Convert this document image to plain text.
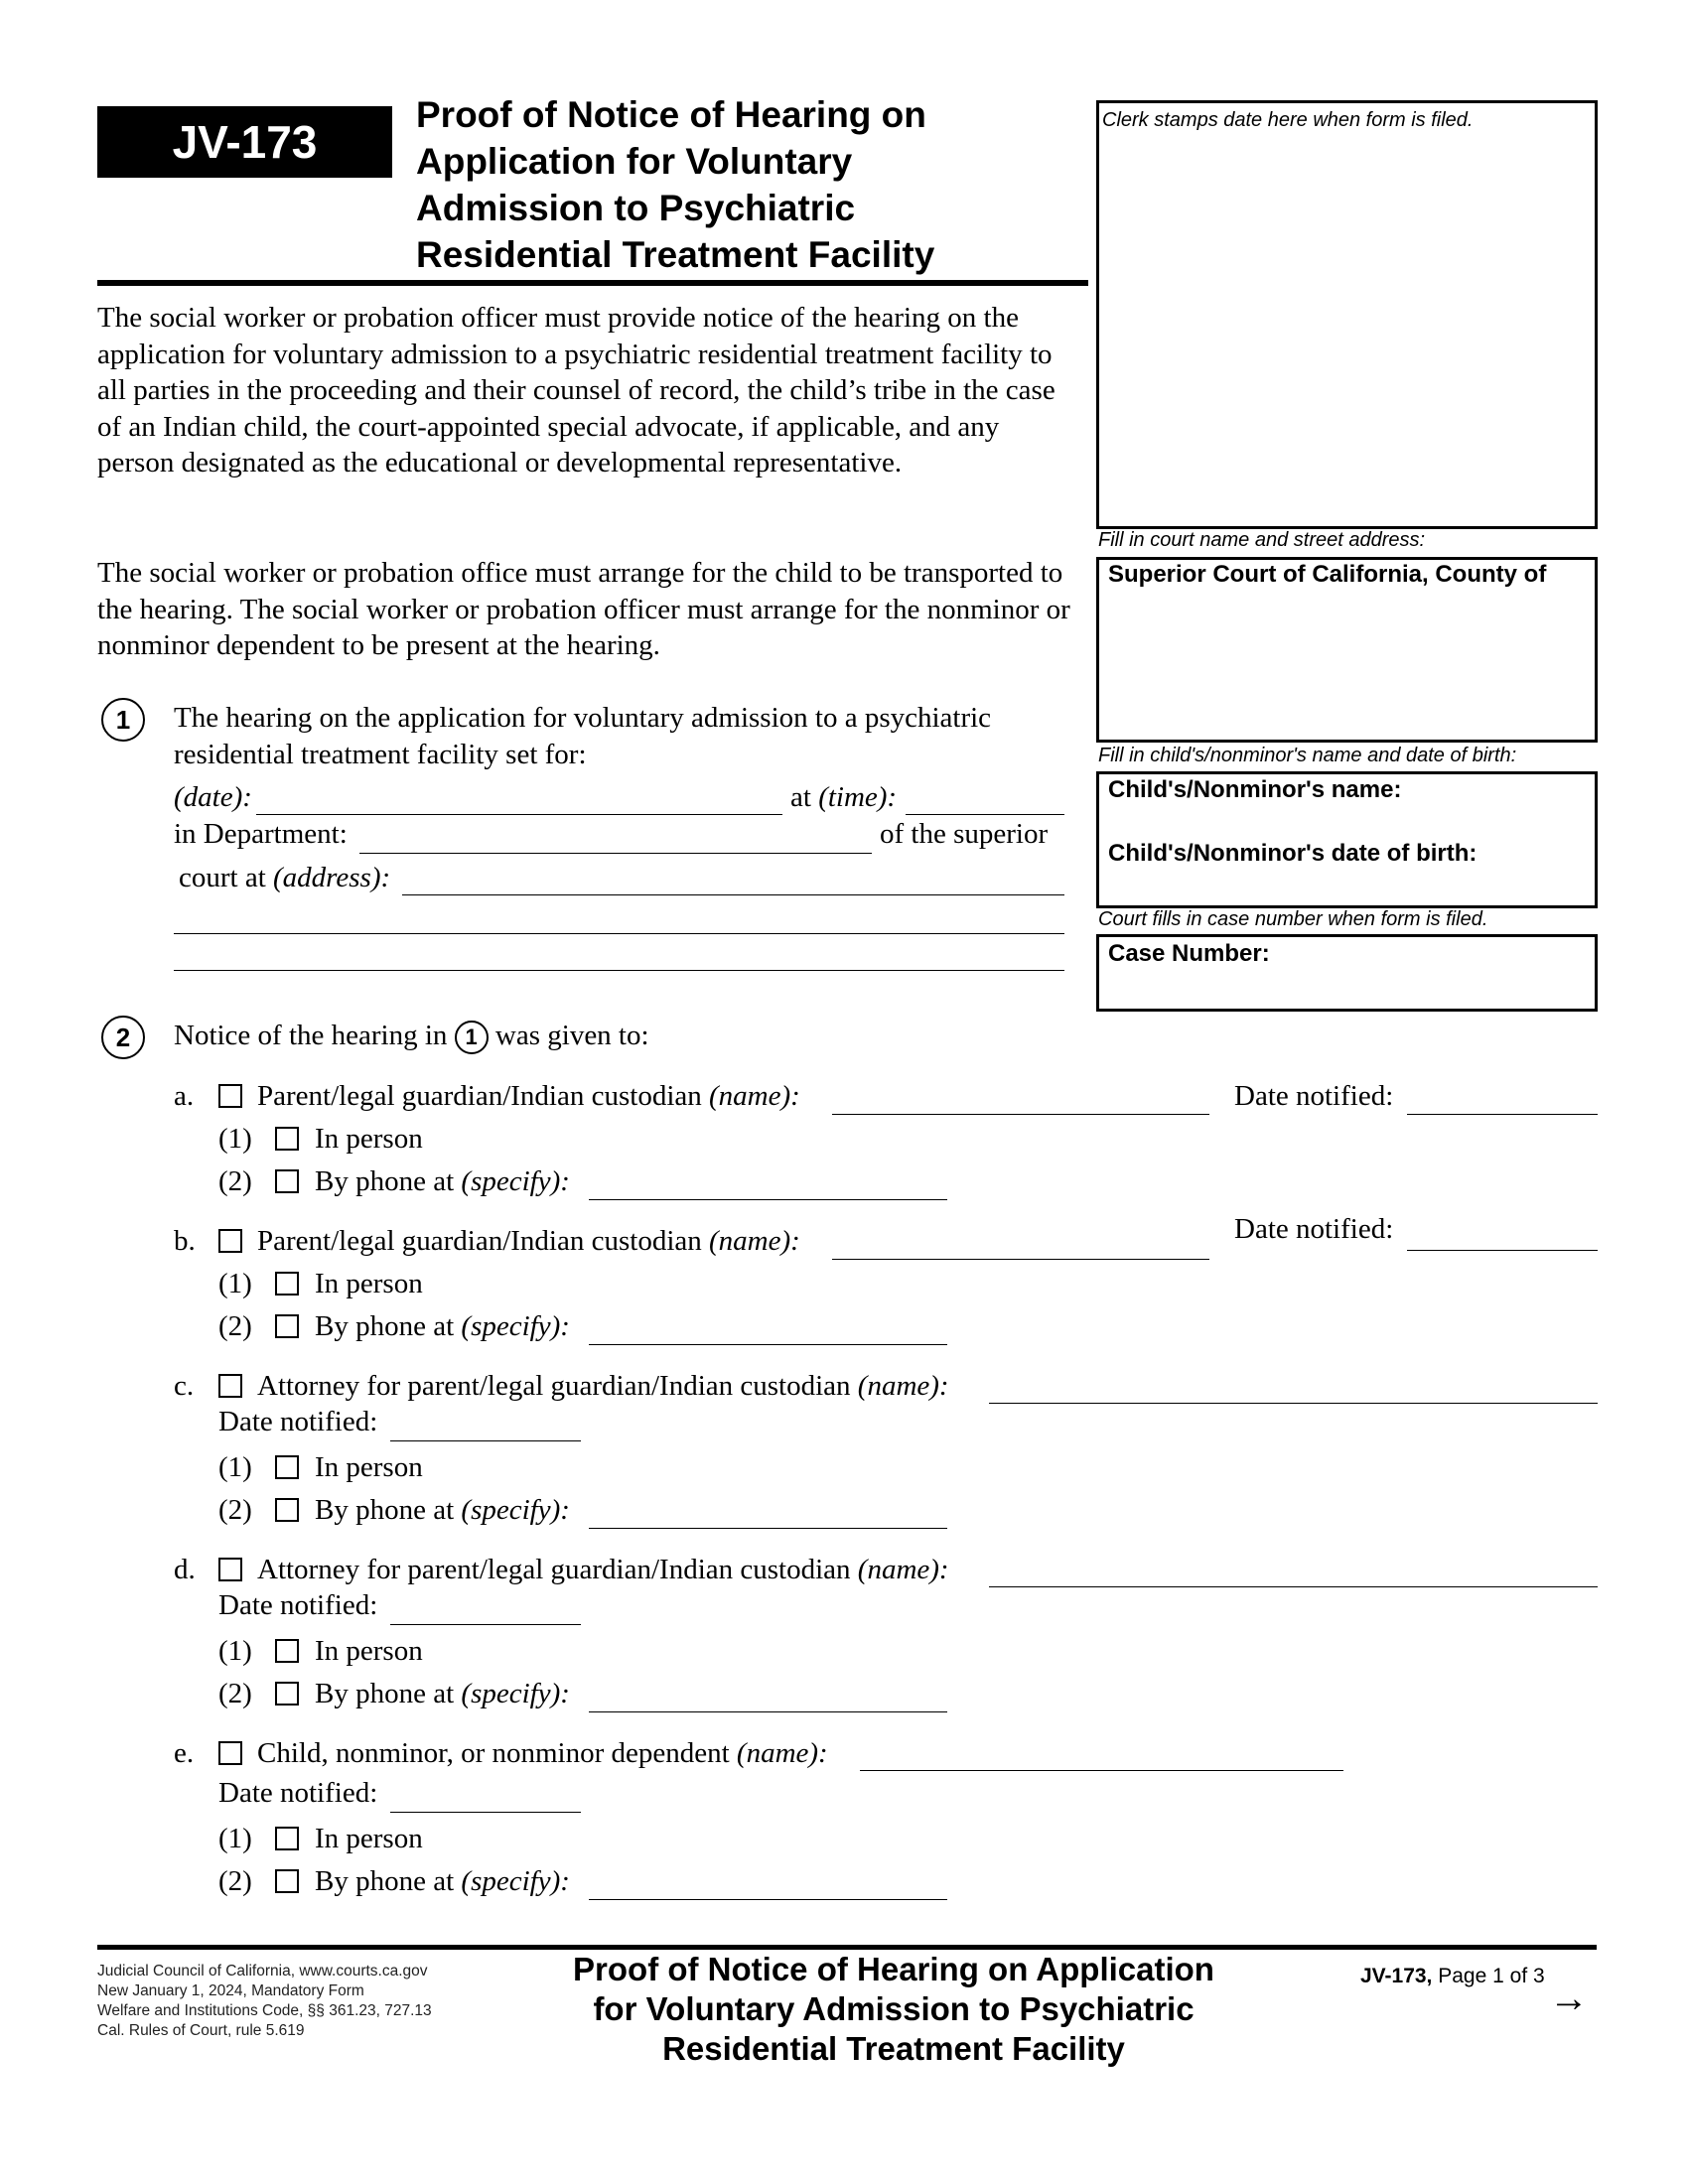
JV-173
Proof of Notice of Hearing on
Application for Voluntary
Admission to Psychiatric
Residential Treatment Facility
Clerk stamps date here when form is filed.
Fill in court name and street address:
Superior Court of California, County of
Fill in child's/nonminor's name and date of birth:
Child's/Nonminor's name:
Child's/Nonminor's date of birth:
Court fills in case number when form is filed.
Case Number:
The social worker or probation officer must provide notice of the hearing on the application for voluntary admission to a psychiatric residential treatment facility to all parties in the proceeding and their counsel of record, the child’s tribe in the case of an Indian child, the court-appointed special advocate, if applicable, and any person designated as the educational or developmental representative.
The social worker or probation office must arrange for the child to be transported to the hearing. The social worker or probation officer must arrange for the nonminor or nonminor dependent to be present at the hearing.
1	The hearing on the application for voluntary admission to a psychiatric
residential treatment facility set for:
(date):	at (time):
in Department:	of the superior
court at (address):
2	Notice of the hearing in 1 was given to:
a. Parent/legal guardian/Indian custodian (name):	Date notified:
(1) In person
(2) By phone at (specify):
b. Parent/legal guardian/Indian custodian (name):	Date notified:
(1) In person
(2) By phone at (specify):
c. Attorney for parent/legal guardian/Indian custodian (name):
Date notified:
(1) In person
(2) By phone at (specify):
d. Attorney for parent/legal guardian/Indian custodian (name):
Date notified:
(1) In person
(2) By phone at (specify):
e. Child, nonminor, or nonminor dependent (name):
Date notified:
(1) In person
(2) By phone at (specify):
Judicial Council of California, www.courts.ca.gov
New January 1, 2024, Mandatory Form
Welfare and Institutions Code, §§ 361.23, 727.13
Cal. Rules of Court, rule 5.619
Proof of Notice of Hearing on Application
for Voluntary Admission to Psychiatric
Residential Treatment Facility
JV-173, Page 1 of 3
→
